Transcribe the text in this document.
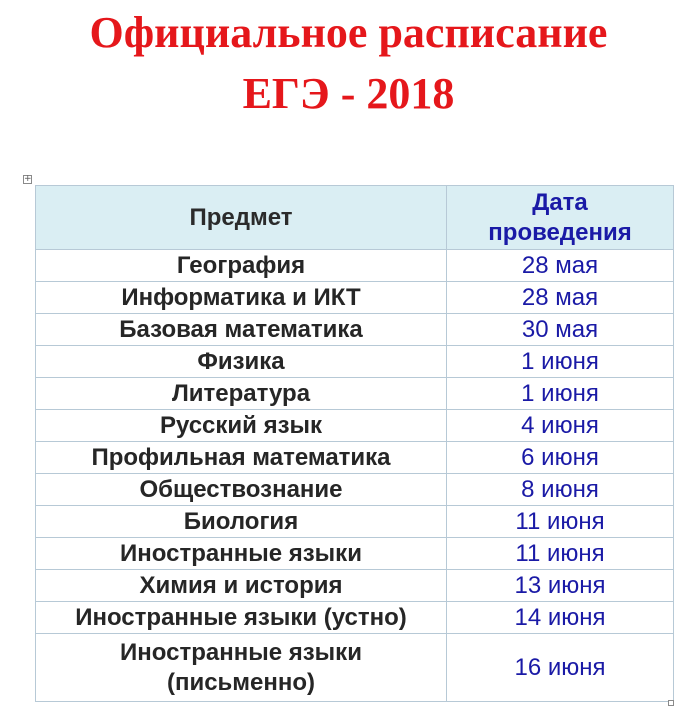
Официальное расписание
ЕГЭ - 2018
+
Предмет	Дата
проведения

География	28 мая
Информатика и ИКТ	28 мая
Базовая математика	30 мая
Физика	1 июня
Литература	1 июня
Русский язык	4 июня
Профильная математика	6 июня
Обществознание	8 июня
Биология	11 июня
Иностранные языки	11 июня
Химия и история	13 июня
Иностранные языки (устно)	14 июня

Иностранные языки
(письменно)	16 июня
